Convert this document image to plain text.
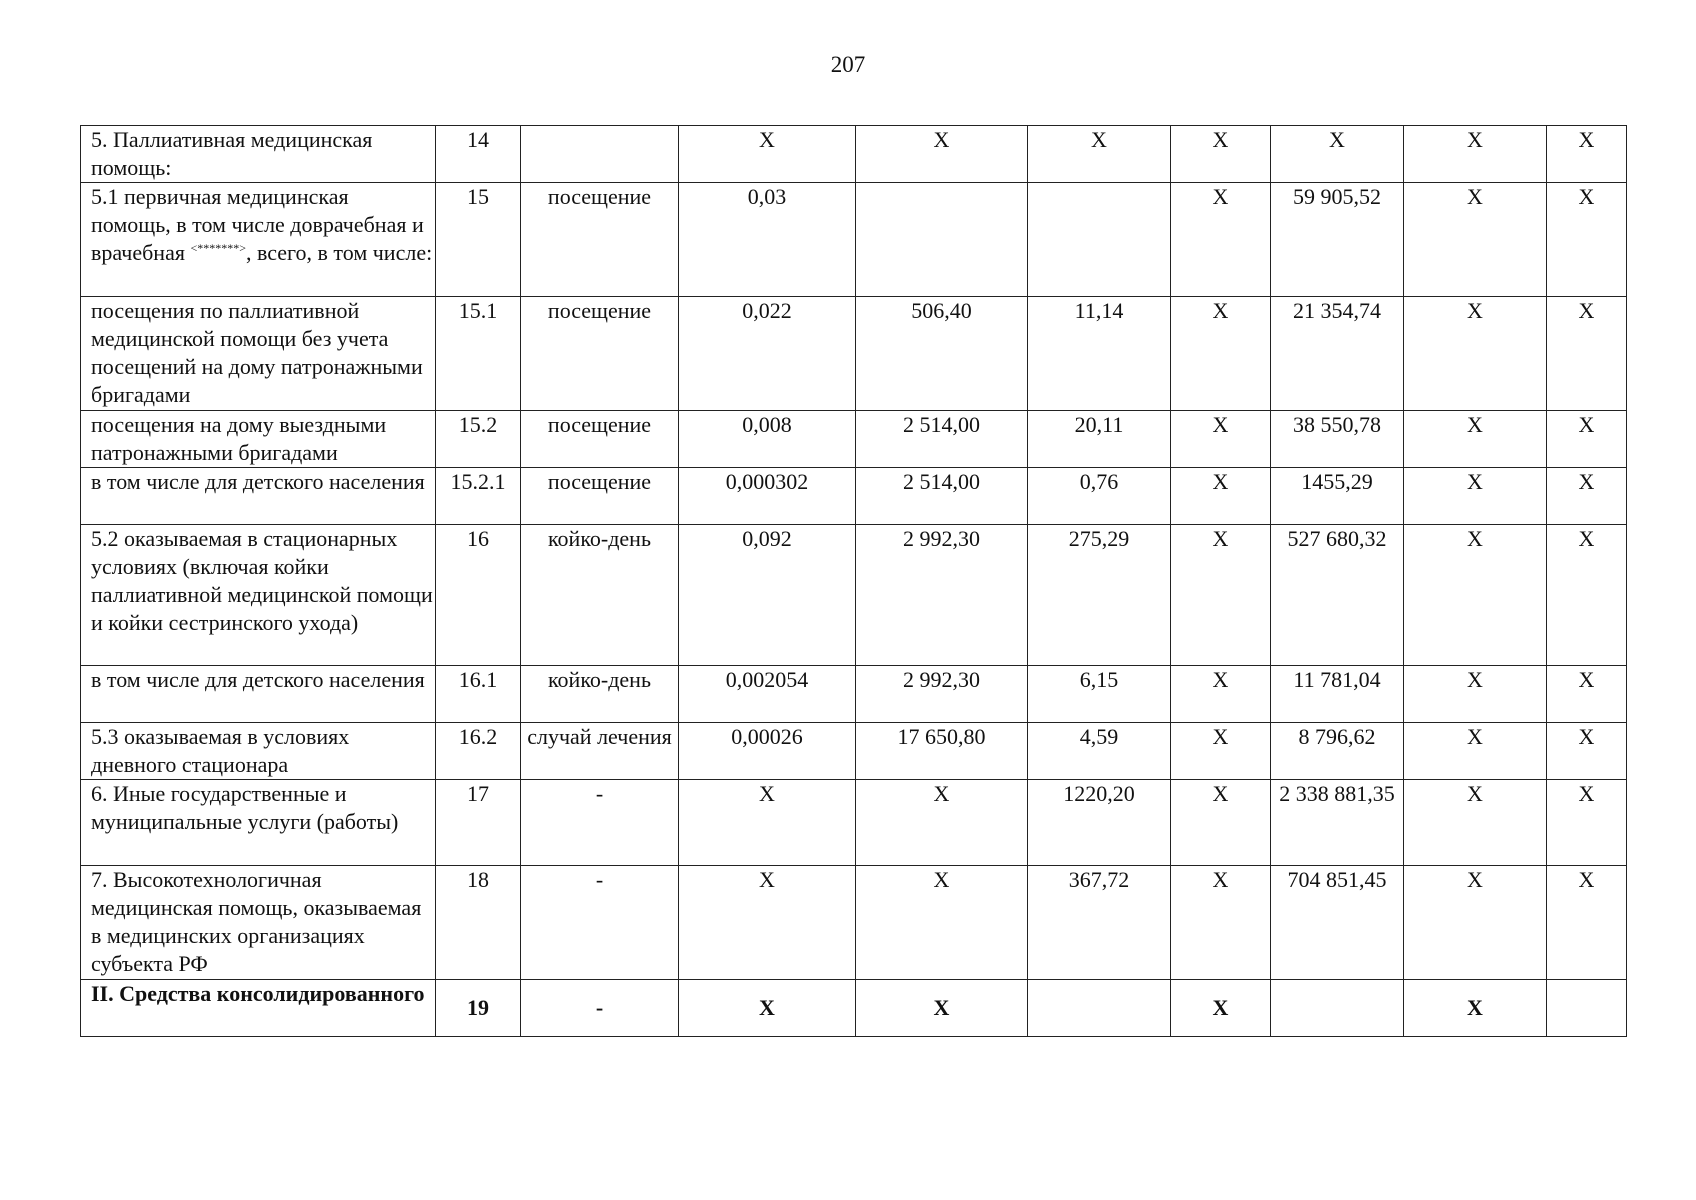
207
5. Паллиативная медицинская помощь:	14		X	X	X	X	X	X	X
5.1 первичная медицинская помощь, в том числе доврачебная и врачебная <*******>, всего, в том числе:	15	посещение	0,03			X	59 905,52	X	X
посещения по паллиативной медицинской помощи без учета посещений на дому патронажными бригадами	15.1	посещение	0,022	506,40	11,14	X	21 354,74	X	X
посещения на дому выездными патронажными бригадами	15.2	посещение	0,008	2 514,00	20,11	X	38 550,78	X	X
в том числе для детского населения	15.2.1	посещение	0,000302	2 514,00	0,76	X	1455,29	X	X
5.2 оказываемая в стационарных условиях (включая койки паллиативной медицинской помощи и койки сестринского ухода)	16	койко-день	0,092	2 992,30	275,29	X	527 680,32	X	X
в том числе для детского населения	16.1	койко-день	0,002054	2 992,30	6,15	X	11 781,04	X	X
5.3 оказываемая в условиях дневного стационара	16.2	случай лечения	0,00026	17 650,80	4,59	X	8 796,62	X	X
6. Иные государственные и муниципальные услуги (работы)	17	-	X	X	1220,20	X	2 338 881,35	X	X
7. Высокотехнологичная медицинская помощь, оказываемая в медицинских организациях субъекта РФ	18	-	X	X	367,72	X	704 851,45	X	X
II. Средства консолидированного	19	-	X	X		X		X	
